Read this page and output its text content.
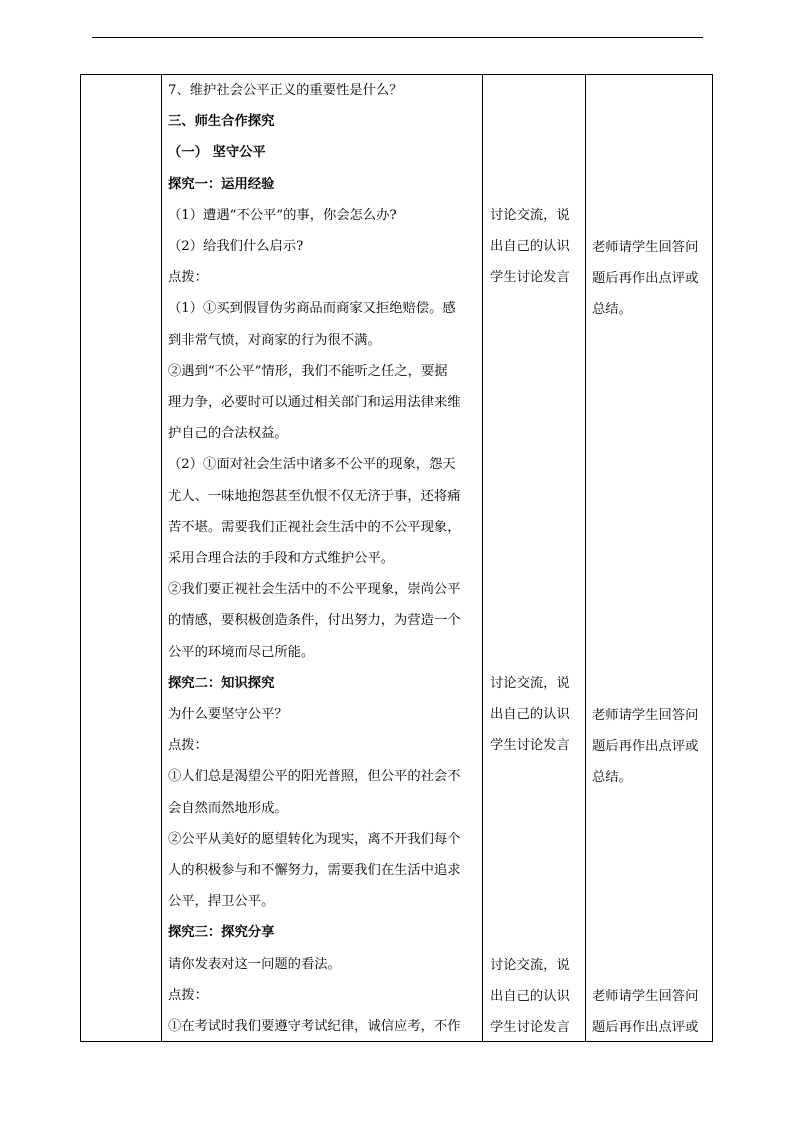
7、维护社会公平正义的重要性是什么？
三、师生合作探究
（一） 坚守公平
探究一：运用经验
（1）遭遇“不公平”的事，你会怎么办?
（2）给我们什么启示?
点拨：
（1）①买到假冒伪劣商品而商家又拒绝赔偿。感
到非常气愤，对商家的行为很不满。
②遇到“不公平”情形，我们不能听之任之，要据
理力争，必要时可以通过相关部门和运用法律来维
护自己的合法权益。
（2）①面对社会生活中诸多不公平的现象，怨天
尤人、一味地抱怨甚至仇恨不仅无济于事，还将痛
苦不堪。需要我们正视社会生活中的不公平现象，
采用合理合法的手段和方式维护公平。
②我们要正视社会生活中的不公平现象，崇尚公平
的情感，要积极创造条件，付出努力，为营造一个
公平的环境而尽己所能。
探究二：知识探究
为什么要坚守公平？
点拨：
①人们总是渴望公平的阳光普照，但公平的社会不
会自然而然地形成。
②公平从美好的愿望转化为现实，离不开我们每个
人的积极参与和不懈努力，需要我们在生活中追求
公平，捍卫公平。
探究三：探究分享
请你发表对这一问题的看法。
点拨：
①在考试时我们要遵守考试纪律，诚信应考，不作
讨论交流，说
出自己的认识
学生讨论发言
讨论交流，说
出自己的认识
学生讨论发言
讨论交流，说
出自己的认识
学生讨论发言
老师请学生回答问
题后再作出点评或
总结。
老师请学生回答问
题后再作出点评或
总结。
老师请学生回答问
题后再作出点评或
